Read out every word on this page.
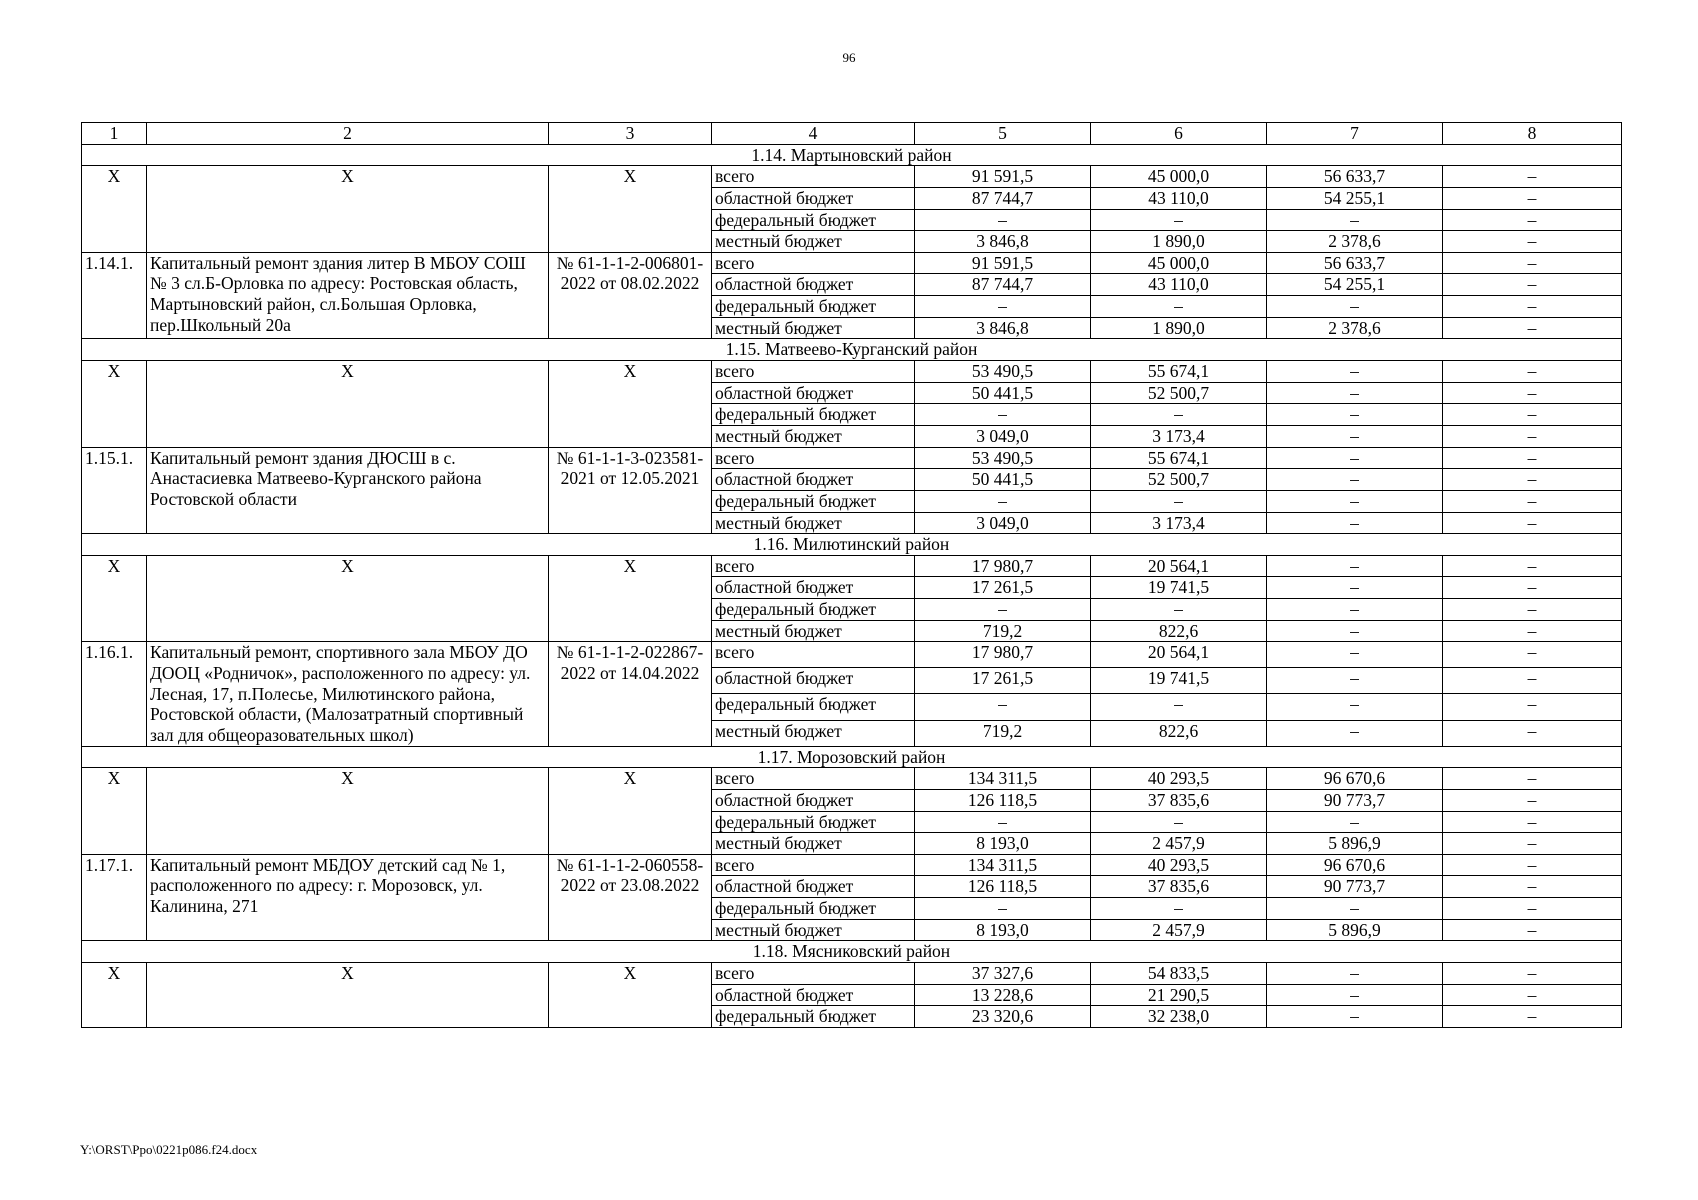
96
1	2	3	4	5	6	7	8
1.14. Мартыновский район							
Х	Х	Х	всего	91 591,5	45 000,0	56 633,7	–
			областной бюджет	87 744,7	43 110,0	54 255,1	–
			федеральный бюджет	–	–	–	–
			местный бюджет	3 846,8	1 890,0	2 378,6	–
1.14.1.	Капитальный ремонт здания литер В МБОУ СОШ № 3 сл.Б-Орловка по адресу: Ростовская область, Мартыновский район, сл.Большая Орловка, пер.Школьный 20а	№ 61-1-1-2-006801-2022 от 08.02.2022	всего	91 591,5	45 000,0	56 633,7	–
			областной бюджет	87 744,7	43 110,0	54 255,1	–
			федеральный бюджет	–	–	–	–
			местный бюджет	3 846,8	1 890,0	2 378,6	–
1.15. Матвеево-Курганский район							
Х	Х	Х	всего	53 490,5	55 674,1	–	–
			областной бюджет	50 441,5	52 500,7	–	–
			федеральный бюджет	–	–	–	–
			местный бюджет	3 049,0	3 173,4	–	–
1.15.1.	Капитальный ремонт здания ДЮСШ в с. Анастасиевка Матвеево-Курганского района Ростовской области	№ 61-1-1-3-023581-2021 от 12.05.2021	всего	53 490,5	55 674,1	–	–
			областной бюджет	50 441,5	52 500,7	–	–
			федеральный бюджет	–	–	–	–
			местный бюджет	3 049,0	3 173,4	–	–
1.16. Милютинский район							
Х	Х	Х	всего	17 980,7	20 564,1	–	–
			областной бюджет	17 261,5	19 741,5	–	–
			федеральный бюджет	–	–	–	–
			местный бюджет	719,2	822,6	–	–
1.16.1.	Капитальный ремонт, спортивного зала МБОУ ДО ДООЦ «Родничок», расположенного по адресу: ул. Лесная, 17, п.Полесье, Милютинского района, Ростовской области, (Малозатратный спортивный зал для общеоразовательных школ)	№ 61-1-1-2-022867-2022 от 14.04.2022	всего	17 980,7	20 564,1	–	–
			областной бюджет	17 261,5	19 741,5	–	–
			федеральный бюджет	–	–	–	–
			местный бюджет	719,2	822,6	–	–
1.17. Морозовский район							
Х	Х	Х	всего	134 311,5	40 293,5	96 670,6	–
			областной бюджет	126 118,5	37 835,6	90 773,7	–
			федеральный бюджет	–	–	–	–
			местный бюджет	8 193,0	2 457,9	5 896,9	–
1.17.1.	Капитальный ремонт МБДОУ детский сад № 1, расположенного по адресу: г. Морозовск, ул. Калинина, 271	№ 61-1-1-2-060558-2022 от 23.08.2022	всего	134 311,5	40 293,5	96 670,6	–
			областной бюджет	126 118,5	37 835,6	90 773,7	–
			федеральный бюджет	–	–	–	–
			местный бюджет	8 193,0	2 457,9	5 896,9	–
1.18. Мясниковский район							
Х	Х	Х	всего	37 327,6	54 833,5	–	–
			областной бюджет	13 228,6	21 290,5	–	–
			федеральный бюджет	23 320,6	32 238,0	–	–
Y:\ORST\Ppo\0221p086.f24.docx
